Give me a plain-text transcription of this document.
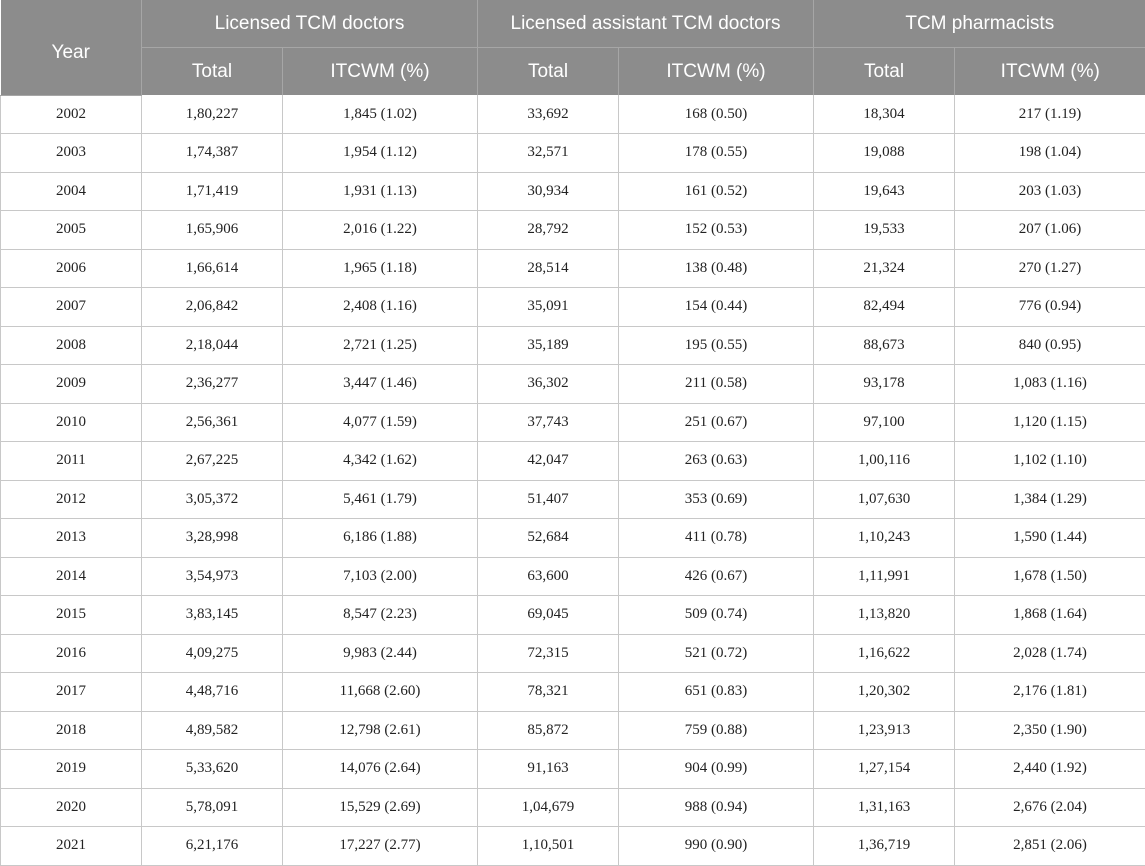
Year	Licensed TCM doctors		Licensed assistant TCM doctors		TCM pharmacists	
	Total	ITCWM (%)	Total	ITCWM (%)	Total	ITCWM (%)
2002	1,80,227	1,845 (1.02)	33,692	168 (0.50)	18,304	217 (1.19)
2003	1,74,387	1,954 (1.12)	32,571	178 (0.55)	19,088	198 (1.04)
2004	1,71,419	1,931 (1.13)	30,934	161 (0.52)	19,643	203 (1.03)
2005	1,65,906	2,016 (1.22)	28,792	152 (0.53)	19,533	207 (1.06)
2006	1,66,614	1,965 (1.18)	28,514	138 (0.48)	21,324	270 (1.27)
2007	2,06,842	2,408 (1.16)	35,091	154 (0.44)	82,494	776 (0.94)
2008	2,18,044	2,721 (1.25)	35,189	195 (0.55)	88,673	840 (0.95)
2009	2,36,277	3,447 (1.46)	36,302	211 (0.58)	93,178	1,083 (1.16)
2010	2,56,361	4,077 (1.59)	37,743	251 (0.67)	97,100	1,120 (1.15)
2011	2,67,225	4,342 (1.62)	42,047	263 (0.63)	1,00,116	1,102 (1.10)
2012	3,05,372	5,461 (1.79)	51,407	353 (0.69)	1,07,630	1,384 (1.29)
2013	3,28,998	6,186 (1.88)	52,684	411 (0.78)	1,10,243	1,590 (1.44)
2014	3,54,973	7,103 (2.00)	63,600	426 (0.67)	1,11,991	1,678 (1.50)
2015	3,83,145	8,547 (2.23)	69,045	509 (0.74)	1,13,820	1,868 (1.64)
2016	4,09,275	9,983 (2.44)	72,315	521 (0.72)	1,16,622	2,028 (1.74)
2017	4,48,716	11,668 (2.60)	78,321	651 (0.83)	1,20,302	2,176 (1.81)
2018	4,89,582	12,798 (2.61)	85,872	759 (0.88)	1,23,913	2,350 (1.90)
2019	5,33,620	14,076 (2.64)	91,163	904 (0.99)	1,27,154	2,440 (1.92)
2020	5,78,091	15,529 (2.69)	1,04,679	988 (0.94)	1,31,163	2,676 (2.04)
2021	6,21,176	17,227 (2.77)	1,10,501	990 (0.90)	1,36,719	2,851 (2.06)
